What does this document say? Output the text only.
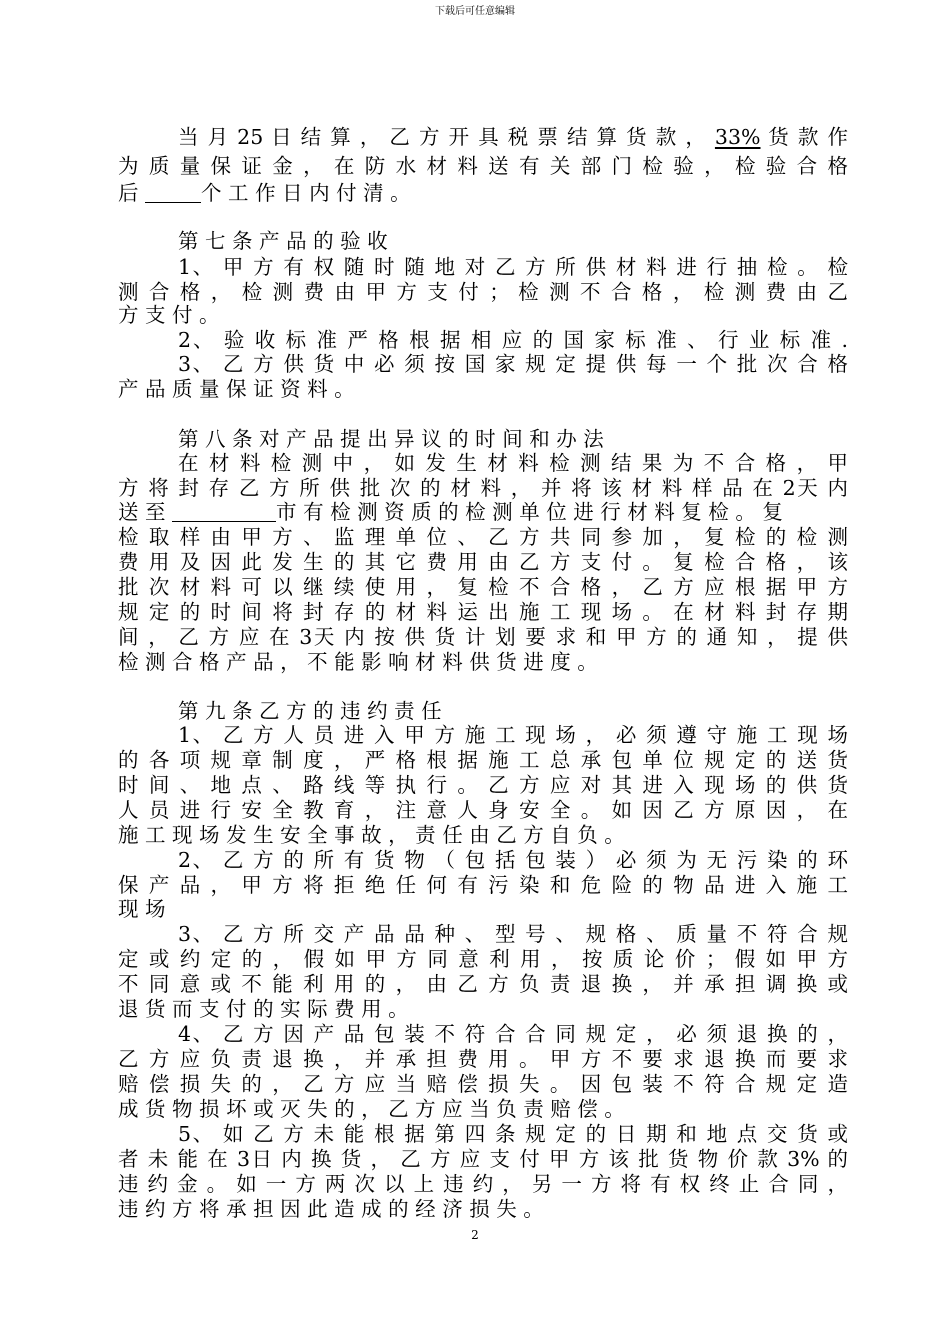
下载后可任意编辑
当 月 25 日 结 算 ， 乙 方 开 具 税 票 结 算 货 款 ， 33% 货 款 作
为 质 量 保 证 金 ， 在 防 水 材 料 送 有 关 部 门 检 验 ， 检 验 合 格
后	个 工 作 日 内 付 清 。
第 七 条 产 品 的 验 收
1、 甲 方 有 权 随 时 随 地 对 乙 方 所 供 材 料 进 行 抽 检 。 检
测 合 格 ， 检 测 费 由 甲 方 支 付 ； 检 测 不 合 格 ， 检 测 费 由 乙
方 支 付 。
2、 验 收 标 准 严 格 根 据 相 应 的 国 家 标 准 、 行 业 标 准 .
3、 乙 方 供 货 中 必 须 按 国 家 规 定 提 供 每 一 个 批 次 合 格
产 品 质 量 保 证 资 料 。
第 八 条 对 产 品 提 出 异 议 的 时 间 和 办 法
在 材 料 检 测 中 ， 如 发 生 材 料 检 测 结 果 为 不 合 格 ， 甲
方 将 封 存 乙 方 所 供 批 次 的 材 料 ， 并 将 该 材 料 样 品 在 2天 内
送 至	市 有 检 测 资 质 的 检 测 单 位 进 行 材 料 复 检 。 复
检 取 样 由 甲 方 、 监 理 单 位 、 乙 方 共 同 参 加 ， 复 检 的 检 测
费 用 及 因 此 发 生 的 其 它 费 用 由 乙 方 支 付 。 复 检 合 格 ， 该
批 次 材 料 可 以 继 续 使 用 ， 复 检 不 合 格 ， 乙 方 应 根 据 甲 方
规 定 的 时 间 将 封 存 的 材 料 运 出 施 工 现 场 。 在 材 料 封 存 期
间 ， 乙 方 应 在 3天 内 按 供 货 计 划 要 求 和 甲 方 的 通 知 ， 提 供
检 测 合 格 产 品 ， 不 能 影 响 材 料 供 货 进 度 。
第 九 条 乙 方 的 违 约 责 任
1、 乙 方 人 员 进 入 甲 方 施 工 现 场 ， 必 须 遵 守 施 工 现 场
的 各 项 规 章 制 度 ， 严 格 根 据 施 工 总 承 包 单 位 规 定 的 送 货
时 间 、 地 点 、 路 线 等 执 行 。 乙 方 应 对 其 进 入 现 场 的 供 货
人 员 进 行 安 全 教 育 ， 注 意 人 身 安 全 。 如 因 乙 方 原 因 ， 在
施 工 现 场 发 生 安 全 事 故 ， 责 任 由 乙 方 自 负 。
2、 乙 方 的 所 有 货 物 （ 包 括 包 装 ） 必 须 为 无 污 染 的 环
保 产 品 ， 甲 方 将 拒 绝 任 何 有 污 染 和 危 险 的 物 品 进 入 施 工
现 场
3、 乙 方 所 交 产 品 品 种 、 型 号 、 规 格 、 质 量 不 符 合 规
定 或 约 定 的 ， 假 如 甲 方 同 意 利 用 ， 按 质 论 价 ； 假 如 甲 方
不 同 意 或 不 能 利 用 的 ， 由 乙 方 负 责 退 换 ， 并 承 担 调 换 或
退 货 而 支 付 的 实 际 费 用 。
4、 乙 方 因 产 品 包 装 不 符 合 合 同 规 定 ， 必 须 退 换 的 ，
乙 方 应 负 责 退 换 ， 并 承 担 费 用 。 甲 方 不 要 求 退 换 而 要 求
赔 偿 损 失 的 ， 乙 方 应 当 赔 偿 损 失 。 因 包 装 不 符 合 规 定 造
成 货 物 损 坏 或 灭 失 的 ， 乙 方 应 当 负 责 赔 偿 。
5、 如 乙 方 未 能 根 据 第 四 条 规 定 的 日 期 和 地 点 交 货 或
者 未 能 在 3日 内 换 货 ， 乙 方 应 支 付 甲 方 该 批 货 物 价 款 3% 的
违 约 金 。 如 一 方 两 次 以 上 违 约 ， 另 一 方 将 有 权 终 止 合 同 ，
违 约 方 将 承 担 因 此 造 成 的 经 济 损 失 。
2
